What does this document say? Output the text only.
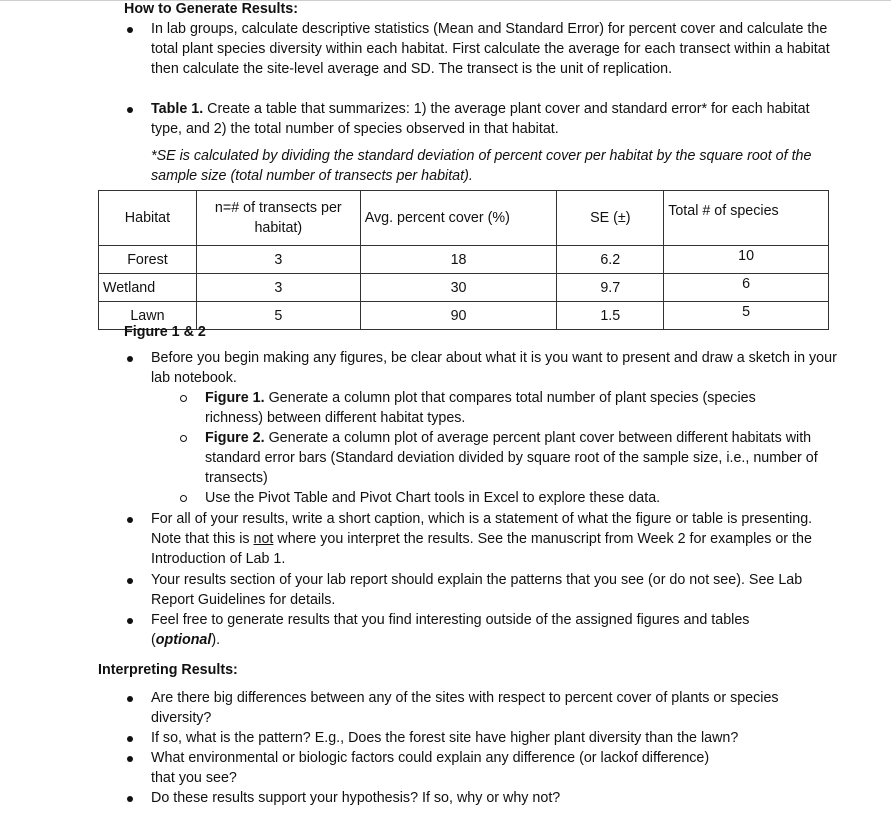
How to Generate Results:
In lab groups, calculate descriptive statistics (Mean and Standard Error) for percent cover and calculate the total plant species diversity within each habitat. First calculate the average for each transect within a habitat then calculate the site-level average and SD. The transect is the unit of replication.
Table 1. Create a table that summarizes: 1) the average plant cover and standard error* for each habitat type, and 2) the total number of species observed in that habitat.
*SE is calculated by dividing the standard deviation of percent cover per habitat by the square root of the sample size (total number of transects per habitat).
Habitat	n=# of transects per habitat)	Avg. percent cover (%)	SE (±)	Total # of species
Forest	3	18	6.2	10
Wetland	3	30	9.7	6
Lawn	5	90	1.5	5
Figure 1 & 2
Before you begin making any figures, be clear about what it is you want to present and draw a sketch in your lab notebook.
Figure 1. Generate a column plot that compares total number of plant species (species richness) between different habitat types.
Figure 2. Generate a column plot of average percent plant cover between different habitats with standard error bars (Standard deviation divided by square root of the sample size, i.e., number of transects)
Use the Pivot Table and Pivot Chart tools in Excel to explore these data.
For all of your results, write a short caption, which is a statement of what the figure or table is presenting. Note that this is not where you interpret the results. See the manuscript from Week 2 for examples or the Introduction of Lab 1.
Your results section of your lab report should explain the patterns that you see (or do not see). See Lab Report Guidelines for details.
Feel free to generate results that you find interesting outside of the assigned figures and tables (optional).
Interpreting Results:
Are there big differences between any of the sites with respect to percent cover of plants or species diversity?
If so, what is the pattern? E.g., Does the forest site have higher plant diversity than the lawn?
What environmental or biologic factors could explain any difference (or lackof difference) that you see?
Do these results support your hypothesis? If so, why or why not?
